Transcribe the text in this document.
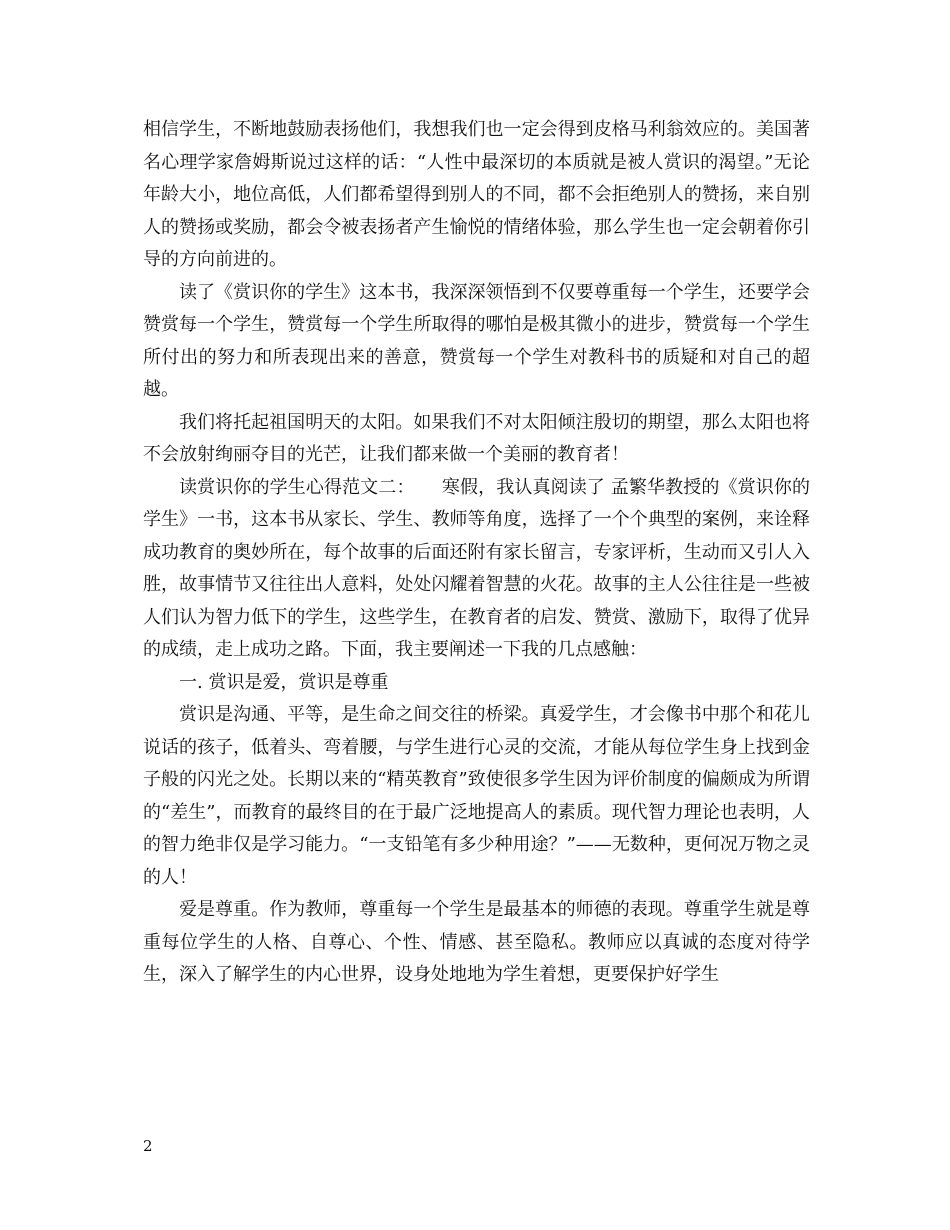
相信学生，不断地鼓励表扬他们，我想我们也一定会得到皮格马利翁效应的。美国著名心理学家詹姆斯说过这样的话：“人性中最深切的本质就是被人赏识的渴望。”无论年龄大小，地位高低，人们都希望得到别人的不同，都不会拒绝别人的赞扬，来自别人的赞扬或奖励，都会令被表扬者产生愉悦的情绪体验，那么学生也一定会朝着你引导的方向前进的。

读了《赏识你的学生》这本书，我深深领悟到不仅要尊重每一个学生，还要学会赞赏每一个学生，赞赏每一个学生所取得的哪怕是极其微小的进步，赞赏每一个学生所付出的努力和所表现出来的善意，赞赏每一个学生对教科书的质疑和对自己的超越。

我们将托起祖国明天的太阳。如果我们不对太阳倾注殷切的期望，那么太阳也将不会放射绚丽夺目的光芒，让我们都来做一个美丽的教育者！

读赏识你的学生心得范文二：　　寒假，我认真阅读了 孟繁华教授的《赏识你的学生》一书，这本书从家长、学生、教师等角度，选择了一个个典型的案例，来诠释成功教育的奥妙所在，每个故事的后面还附有家长留言，专家评析，生动而又引人入胜，故事情节又往往出人意料，处处闪耀着智慧的火花。故事的主人公往往是一些被人们认为智力低下的学生，这些学生，在教育者的启发、赞赏、激励下，取得了优异的成绩，走上成功之路。下面，我主要阐述一下我的几点感触：

一. 赏识是爱，赏识是尊重

赏识是沟通、平等，是生命之间交往的桥梁。真爱学生，才会像书中那个和花儿说话的孩子，低着头、弯着腰，与学生进行心灵的交流，才能从每位学生身上找到金子般的闪光之处。长期以来的“精英教育”致使很多学生因为评价制度的偏颇成为所谓的“差生”，而教育的最终目的在于最广泛地提高人的素质。现代智力理论也表明，人的智力绝非仅是学习能力。“一支铅笔有多少种用途？”——无数种，更何况万物之灵的人！

爱是尊重。作为教师，尊重每一个学生是最基本的师德的表现。尊重学生就是尊重每位学生的人格、自尊心、个性、情感、甚至隐私。教师应以真诚的态度对待学生，深入了解学生的内心世界，设身处地地为学生着想，更要保护好学生

2
